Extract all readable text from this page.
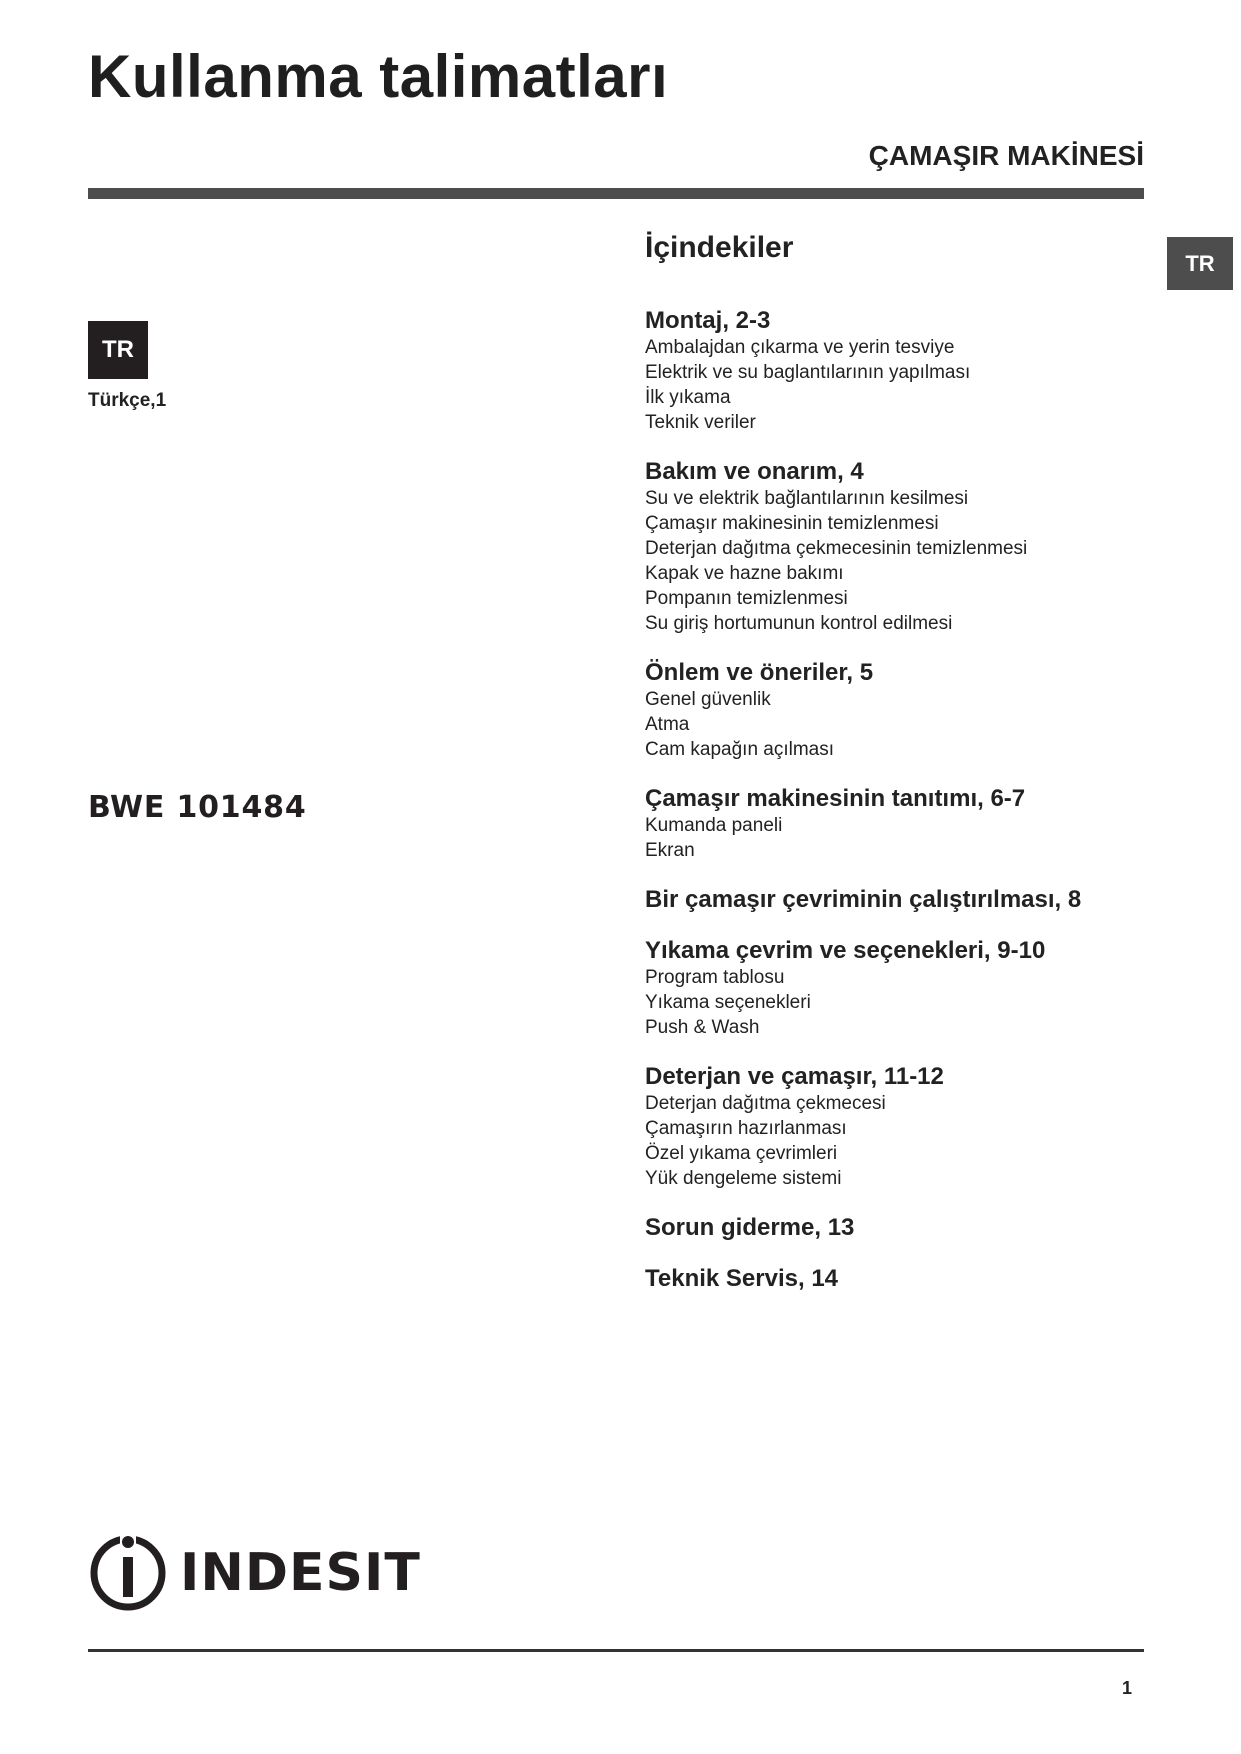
Kullanma talimatları
ÇAMAŞIR MAKİNESİ
TR
TR
Türkçe,1
BWE 101484
İçindekiler
Montaj, 2-3
Ambalajdan çıkarma ve yerin tesviye
Elektrik ve su baglantılarının yapılması
İlk yıkama
Teknik veriler
Bakım ve onarım, 4
Su ve elektrik bağlantılarının kesilmesi
Çamaşır makinesinin temizlenmesi
Deterjan dağıtma çekmecesinin temizlenmesi
Kapak ve hazne bakımı
Pompanın temizlenmesi
Su giriş hortumunun kontrol edilmesi
Önlem ve öneriler, 5
Genel güvenlik
Atma
Cam kapağın açılması
Çamaşır makinesinin tanıtımı, 6-7
Kumanda paneli
Ekran
Bir çamaşır çevriminin çalıştırılması, 8
Yıkama çevrim ve seçenekleri, 9-10
Program tablosu
Yıkama seçenekleri
Push & Wash
Deterjan ve çamaşır, 11-12
Deterjan dağıtma çekmecesi
Çamaşırın hazırlanması
Özel yıkama çevrimleri
Yük dengeleme sistemi
Sorun giderme, 13
Teknik Servis, 14
INDESIT
1
